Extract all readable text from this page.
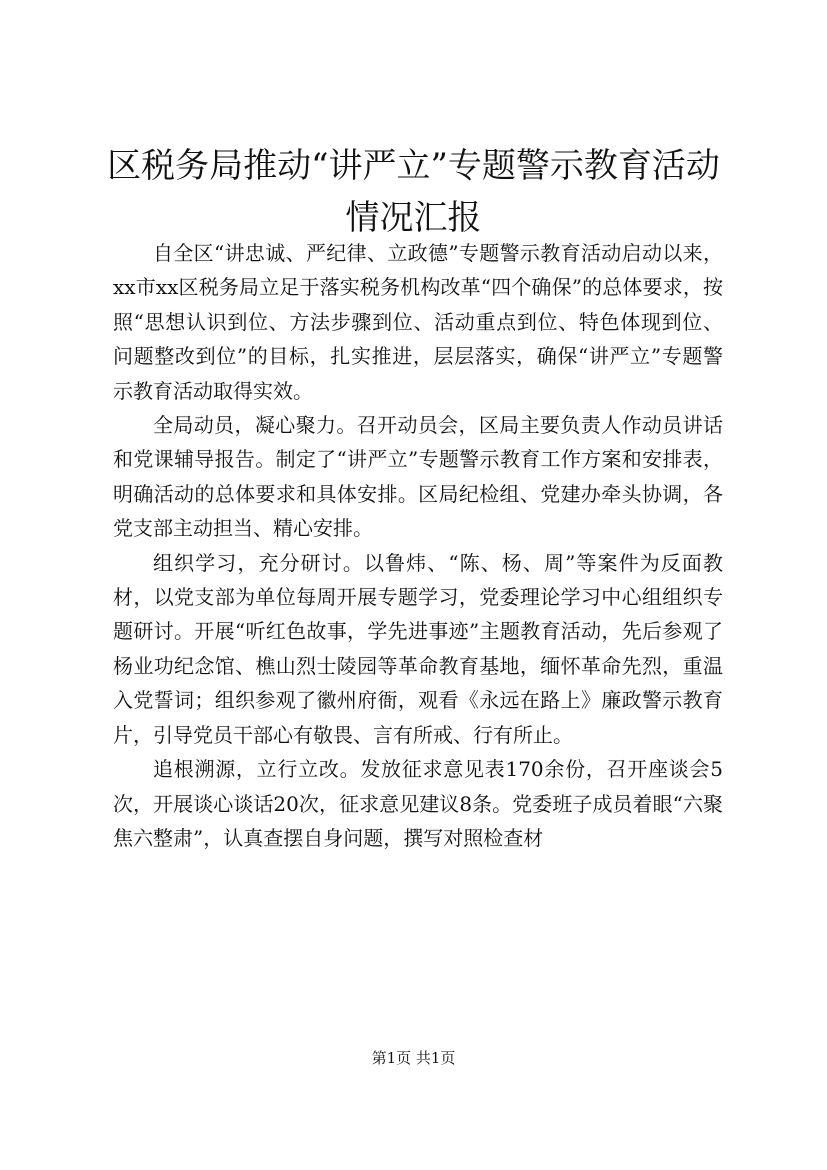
区税务局推动“讲严立”专题警示教育活动情况汇报

自全区“讲忠诚、严纪律、立政德”专题警示教育活动启动以来，xx市xx区税务局立足于落实税务机构改革“四个确保”的总体要求，按照“思想认识到位、方法步骤到位、活动重点到位、特色体现到位、问题整改到位”的目标，扎实推进，层层落实，确保“讲严立”专题警示教育活动取得实效。

全局动员，凝心聚力。召开动员会，区局主要负责人作动员讲话和党课辅导报告。制定了“讲严立”专题警示教育工作方案和安排表，明确活动的总体要求和具体安排。区局纪检组、党建办牵头协调，各党支部主动担当、精心安排。

组织学习，充分研讨。以鲁炜、“陈、杨、周”等案件为反面教材，以党支部为单位每周开展专题学习，党委理论学习中心组组织专题研讨。开展“听红色故事，学先进事迹”主题教育活动，先后参观了杨业功纪念馆、樵山烈士陵园等革命教育基地，缅怀革命先烈，重温入党誓词；组织参观了徽州府衙，观看《永远在路上》廉政警示教育片，引导党员干部心有敬畏、言有所戒、行有所止。

追根溯源，立行立改。发放征求意见表170余份，召开座谈会5次，开展谈心谈话20次，征求意见建议8条。党委班子成员着眼“六聚焦六整肃”，认真查摆自身问题，撰写对照检查材

第1页 共1页
